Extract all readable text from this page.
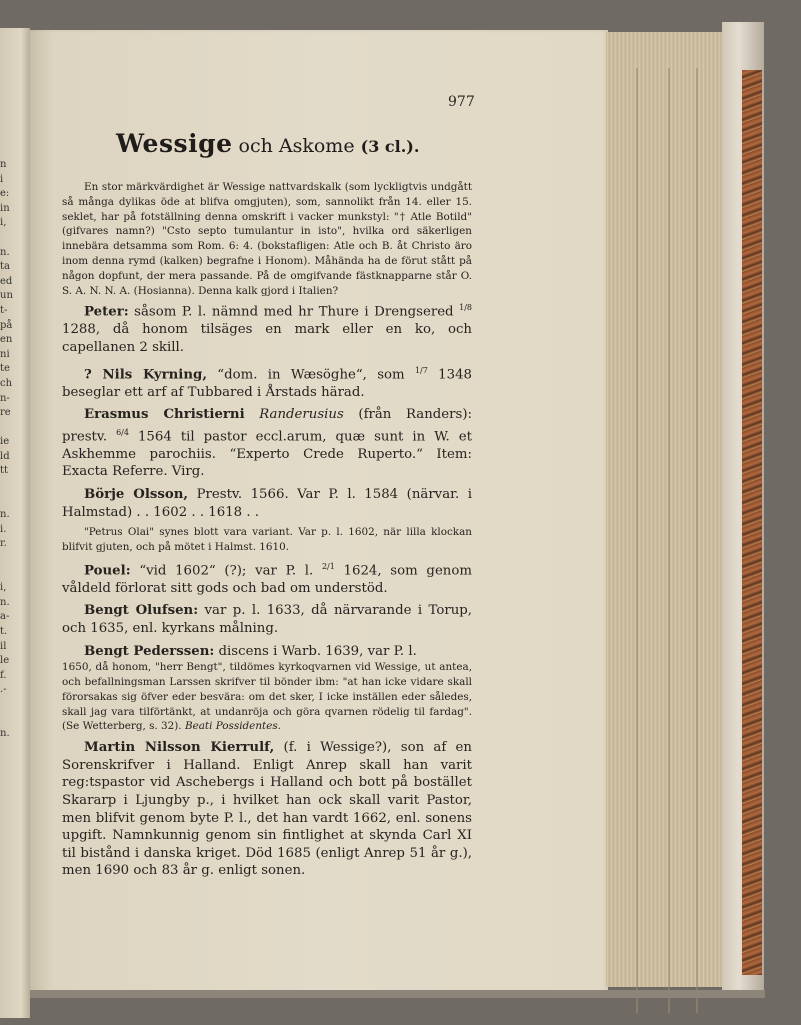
n
i
e:
in
i,
n.
ta
ed
un
t-
på
en
ni
te
ch
n-
re
ie
ld
tt
n.
i.
r.
i,
n.
a-
t.
il
le
f.
.-
n.
977
Wessige och Askome (3 cl.).

En stor märkvärdighet är Wessige nattvardskalk (som lyckligtvis undgått så många dylikas öde at blifva omgjuten), som, sannolikt från 14. eller 15. seklet, har på fotställning denna omskrift i vacker munkstyl: "† Atle Botild" (gifvares namn?) "Csto septo tumulantur in isto", hvilka ord säkerligen innebära detsamma som Rom. 6: 4. (bokstafligen: Atle och B. åt Christo äro inom denna rymd (kalken) begrafne i Honom). Måhända ha de förut stått på någon dopfunt, der mera passande. På de omgifvande fästknapparne står O. S. A. N. N. A. (Hosianna). Denna kalk gjord i Italien?

Peter: såsom P. l. nämnd med hr Thure i Drengsered $^{1/8}$ 1288, då honom tilsäges en mark eller en ko, och capellanen 2 skill.

? Nils Kyrning, “dom. in Wæsöghe“, som $^{1/7}$ 1348 beseglar ett arf af Tubbared i Årstads härad.

Erasmus Christierni Randerusius (från Randers): prestv. $^{6/4}$ 1564 til pastor eccl.arum, quæ sunt in W. et Askhemme parochiis. “Experto Crede Ruperto.“ Item: Exacta Referre. Virg.

Börje Olsson, Prestv. 1566. Var P. l. 1584 (närvar. i Halmstad) . . 1602 . . 1618 . .

"Petrus Olai" synes blott vara variant. Var p. l. 1602, när lilla klockan blifvit gjuten, och på mötet i Halmst. 1610.

Pouel: “vid 1602“ (?); var P. l. $^{2/1}$ 1624, som genom våldeld förlorat sitt gods och bad om understöd.

Bengt Olufsen: var p. l. 1633, då närvarande i Torup, och 1635, enl. kyrkans målning.

Bengt Pederssen: discens i Warb. 1639, var P. l.

1650, då honom, "herr Bengt", tildömes kyrkoqvarnen vid Wessige, ut antea, och befallningsman Larssen skrifver til bönder ibm: "at han icke vidare skall förorsakas sig öfver eder besvära: om det sker, I icke inställen eder således, skall jag vara tilförtänkt, at undanröja och göra qvarnen rödelig til fardag". (Se Wetterberg, s. 32). Beati Possidentes.

Martin Nilsson Kierrulf, (f. i Wessige?), son af en Sorenskrifver i Halland. Enligt Anrep skall han varit reg:tspastor vid Aschebergs i Halland och bott på bostället Skararp i Ljungby p., i hvilket han ock skall varit Pastor, men blifvit genom byte P. l., det han vardt 1662, enl. sonens upgift. Namnkunnig genom sin fintlighet at skynda Carl XI til bistånd i danska kriget. Död 1685 (enligt Anrep 51 år g.), men 1690 och 83 år g. enligt sonen.
